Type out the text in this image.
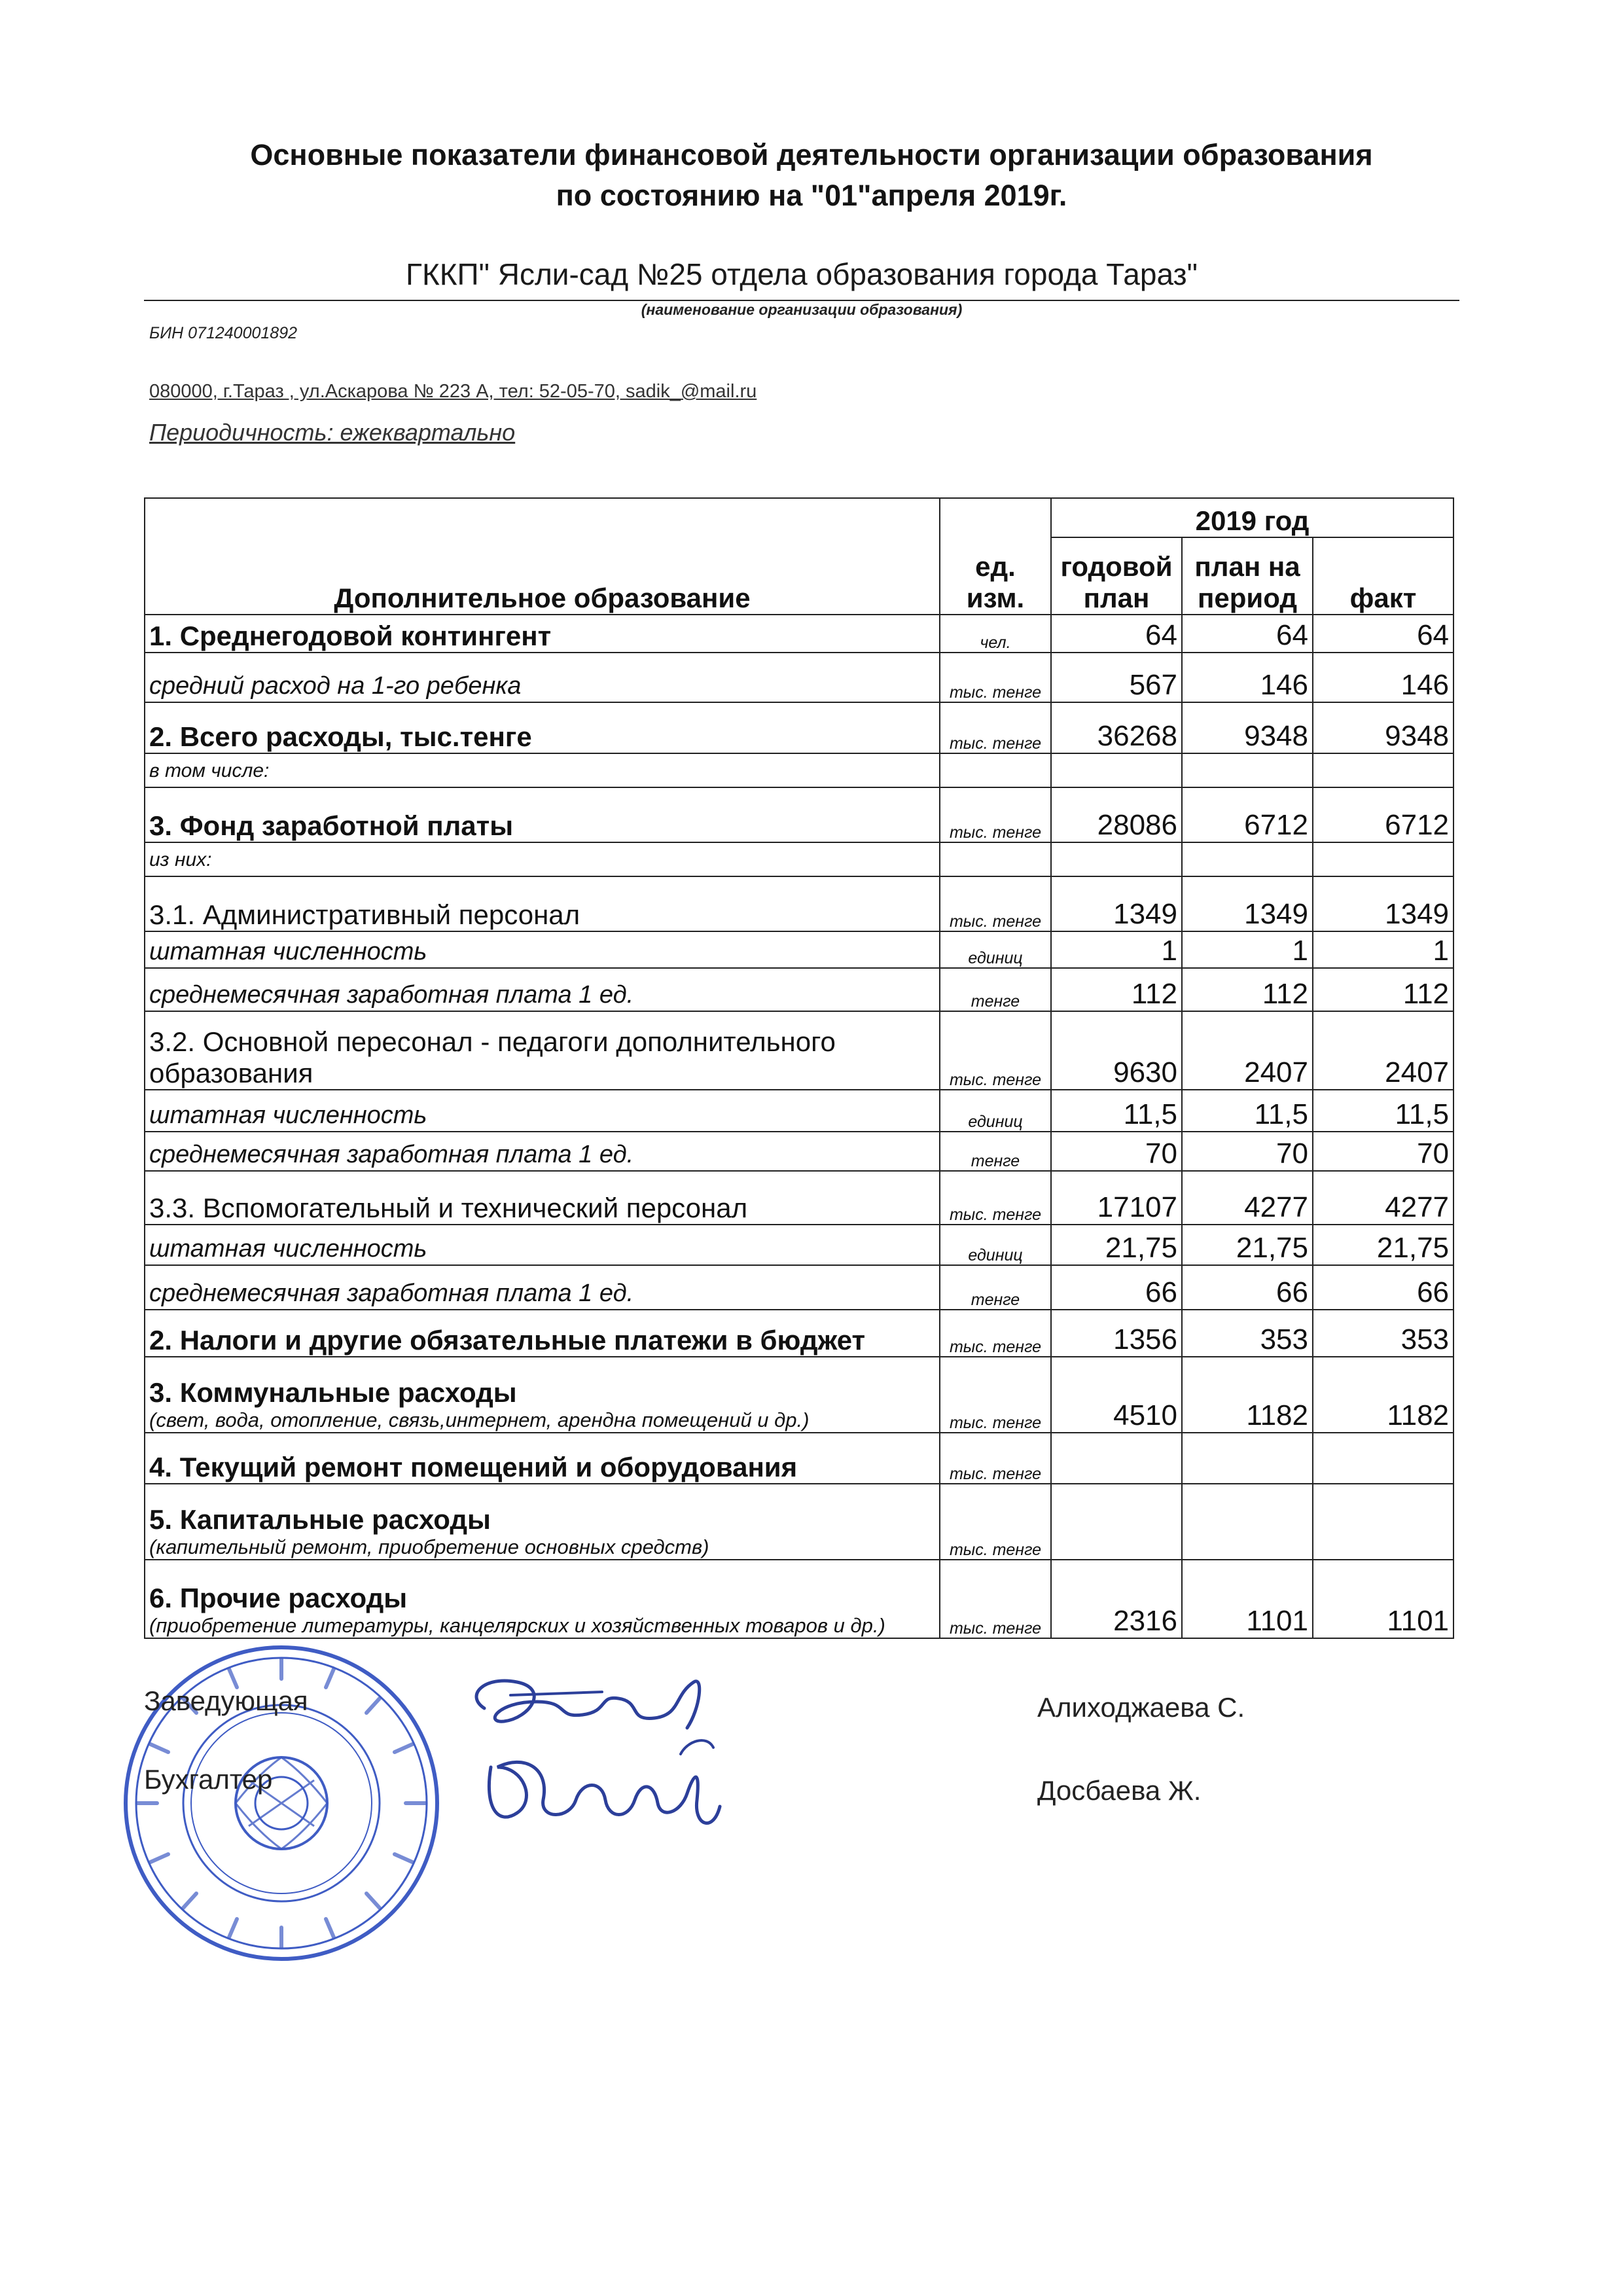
Основные показатели финансовой деятельности организации образования
по состоянию на "01"апреля 2019г.
ГККП" Ясли-сад №25 отдела образования города Тараз"
(наименование организации образования)
БИН 071240001892
080000, г.Тараз , ул.Аскарова № 223 А, тел: 52-05-70, sadik_@mail.ru
Периодичность: ежеквартально
Дополнительное образование	ед. изм.	2019 год		
		годовой план	план на период	факт
1. Среднегодовой контингент	чел.	64	64	64
средний расход на 1-го ребенка	тыс. тенге	567	146	146
2. Всего расходы, тыс.тенге	тыс. тенге	36268	9348	9348
в том числе:				
3. Фонд заработной платы	тыс. тенге	28086	6712	6712
из них:				
3.1. Административный персонал	тыс. тенге	1349	1349	1349
штатная численность	единиц	1	1	1
среднемесячная заработная плата 1 ед.	тенге	112	112	112
3.2. Основной пересонал - педагоги дополнительного образования	тыс. тенге	9630	2407	2407
штатная численность	единиц	11,5	11,5	11,5
среднемесячная заработная плата 1 ед.	тенге	70	70	70
3.3. Вспомогательный и технический персонал	тыс. тенге	17107	4277	4277
штатная численность	единиц	21,75	21,75	21,75
среднемесячная заработная плата 1 ед.	тенге	66	66	66
2. Налоги и другие обязательные платежи в бюджет	тыс. тенге	1356	353	353

3. Коммунальные расходы
(свет, вода, отопление, связь,интернет, арендна помещений и др.)	тыс. тенге	4510	1182	1182
4. Текущий ремонт помещений и оборудования	тыс. тенге			

5. Капитальные расходы
(капительный ремонт, приобретение основных средств)	тыс. тенге			

6. Прочие расходы
(приобретение литературы, канцелярских и хозяйственных товаров и др.)	тыс. тенге	2316	1101	1101
Заведующая
Бухгалтер
Алиходжаева С.
Досбаева Ж.
